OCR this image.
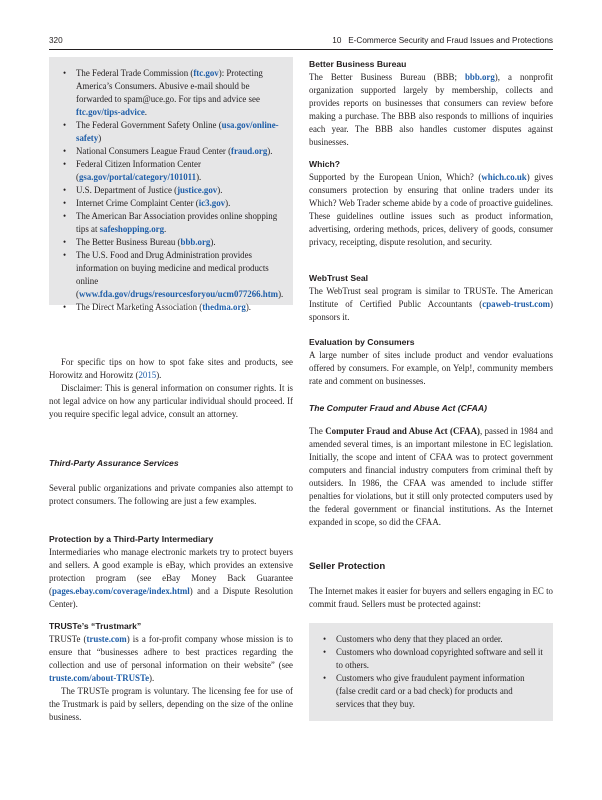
320	10 E-Commerce Security and Fraud Issues and Protections
• The Federal Trade Commission (ftc.gov): Protecting America’s Consumers. Abusive e-mail should be forwarded to spam@uce.go. For tips and advice see ftc.gov/tips-advice.
• The Federal Government Safety Online (usa.gov/online-safety)
• National Consumers League Fraud Center (fraud.org).
• Federal Citizen Information Center (gsa.gov/portal/category/101011).
• U.S. Department of Justice (justice.gov).
• Internet Crime Complaint Center (ic3.gov).
• The American Bar Association provides online shopping tips at safeshopping.org.
• The Better Business Bureau (bbb.org).
• The U.S. Food and Drug Administration provides information on buying medicine and medical products online (www.fda.gov/drugs/resourcesforyou/ucm077266.htm).
• The Direct Marketing Association (thedma.org).

For specific tips on how to spot fake sites and products, see Horowitz and Horowitz (2015).

Disclaimer: This is general information on consumer rights. It is not legal advice on how any particular individual should proceed. If you require specific legal advice, consult an attorney.

Third-Party Assurance Services

Several public organizations and private companies also attempt to protect consumers. The following are just a few examples.

Protection by a Third-Party Intermediary

Intermediaries who manage electronic markets try to protect buyers and sellers. A good example is eBay, which provides an extensive protection program (see eBay Money Back Guarantee (pages.ebay.com/coverage/index.html) and a Dispute Resolution Center).

TRUSTe’s “Trustmark”

TRUSTe (truste.com) is a for-profit company whose mission is to ensure that “businesses adhere to best practices regarding the collection and use of personal information on their website” (see truste.com/about-TRUSTe).

The TRUSTe program is voluntary. The licensing fee for use of the Trustmark is paid by sellers, depending on the size of the online business.

Better Business Bureau

The Better Business Bureau (BBB; bbb.org), a nonprofit organization supported largely by membership, collects and provides reports on businesses that consumers can review before making a purchase. The BBB also responds to millions of inquiries each year. The BBB also handles customer disputes against businesses.

Which?

Supported by the European Union, Which? (which.co.uk) gives consumers protection by ensuring that online traders under its Which? Web Trader scheme abide by a code of proactive guidelines. These guidelines outline issues such as product information, advertising, ordering methods, prices, delivery of goods, consumer privacy, receipting, dispute resolution, and security.

WebTrust Seal

The WebTrust seal program is similar to TRUSTe. The American Institute of Certified Public Accountants (cpaweb-trust.com) sponsors it.

Evaluation by Consumers

A large number of sites include product and vendor evaluations offered by consumers. For example, on Yelp!, community members rate and comment on businesses.

The Computer Fraud and Abuse Act (CFAA)

The Computer Fraud and Abuse Act (CFAA), passed in 1984 and amended several times, is an important milestone in EC legislation. Initially, the scope and intent of CFAA was to protect government computers and financial industry computers from criminal theft by outsiders. In 1986, the CFAA was amended to include stiffer penalties for violations, but it still only protected computers used by the federal government or financial institutions. As the Internet expanded in scope, so did the CFAA.

Seller Protection

The Internet makes it easier for buyers and sellers engaging in EC to commit fraud. Sellers must be protected against:

• Customers who deny that they placed an order.
• Customers who download copyrighted software and sell it to others.
• Customers who give fraudulent payment information (false credit card or a bad check) for products and services that they buy.
